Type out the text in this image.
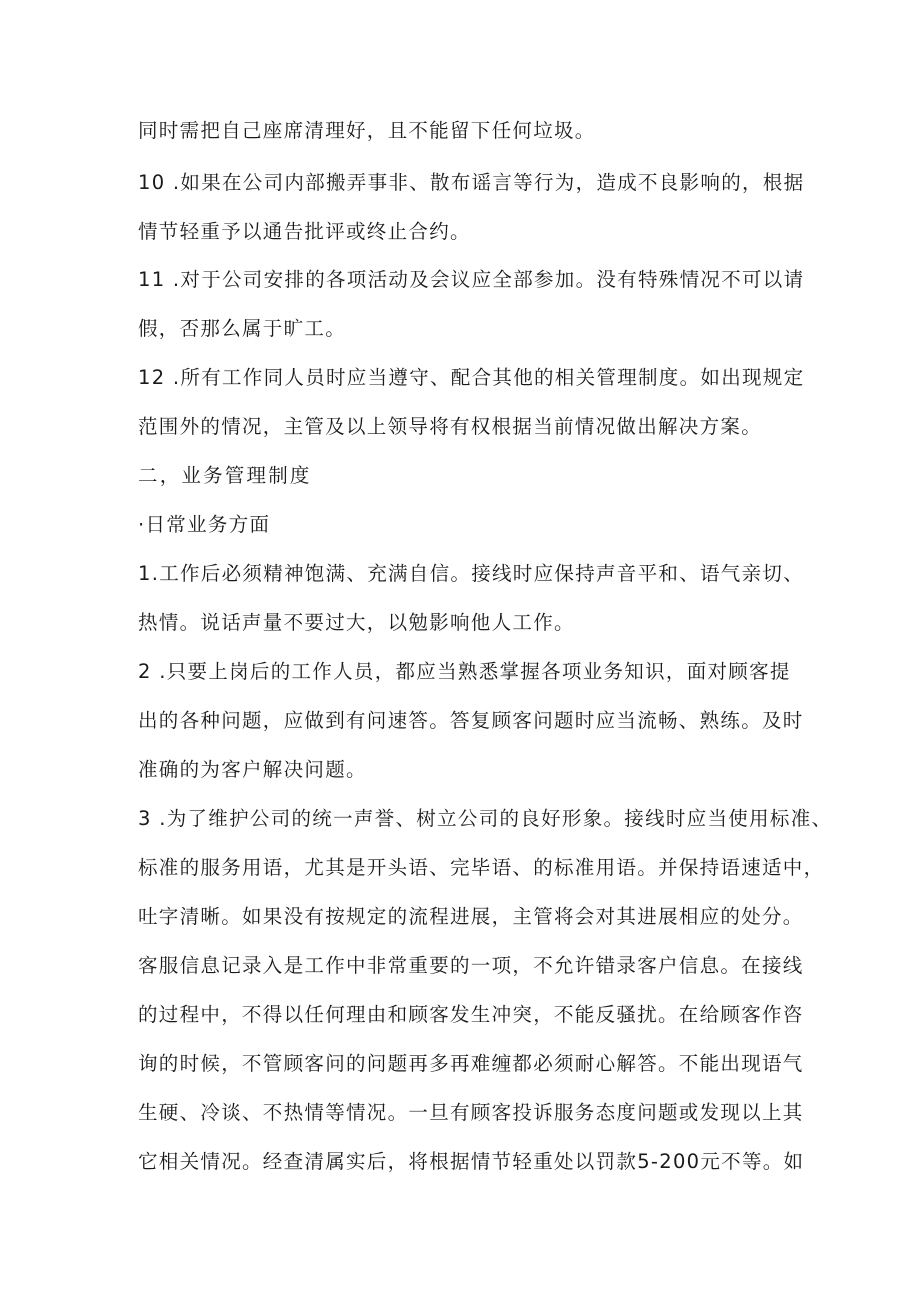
同时需把自己座席清理好，且不能留下任何垃圾。
10 .如果在公司内部搬弄事非、散布谣言等行为，造成不良影响的，根据
情节轻重予以通告批评或终止合约。
11 .对于公司安排的各项活动及会议应全部参加。没有特殊情况不可以请
假，否那么属于旷工。
12 .所有工作同人员时应当遵守、配合其他的相关管理制度。如出现规定
范围外的情况，主管及以上领导将有权根据当前情况做出解决方案。
二，业务管理制度
·日常业务方面
1.工作后必须精神饱满、充满自信。接线时应保持声音平和、语气亲切、
热情。说话声量不要过大，以勉影响他人工作。
2 .只要上岗后的工作人员，都应当熟悉掌握各项业务知识，面对顾客提
出的各种问题，应做到有问速答。答复顾客问题时应当流畅、熟练。及时
准确的为客户解决问题。
3 .为了维护公司的统一声誉、树立公司的良好形象。接线时应当使用标准、
标准的服务用语，尤其是开头语、完毕语、的标准用语。并保持语速适中，
吐字清晰。如果没有按规定的流程进展，主管将会对其进展相应的处分。
客服信息记录入是工作中非常重要的一项，不允许错录客户信息。在接线
的过程中，不得以任何理由和顾客发生冲突，不能反骚扰。在给顾客作咨
询的时候，不管顾客问的问题再多再难缠都必须耐心解答。不能出现语气
生硬、冷谈、不热情等情况。一旦有顾客投诉服务态度问题或发现以上其
它相关情况。经查清属实后，将根据情节轻重处以罚款5-200元不等。如
